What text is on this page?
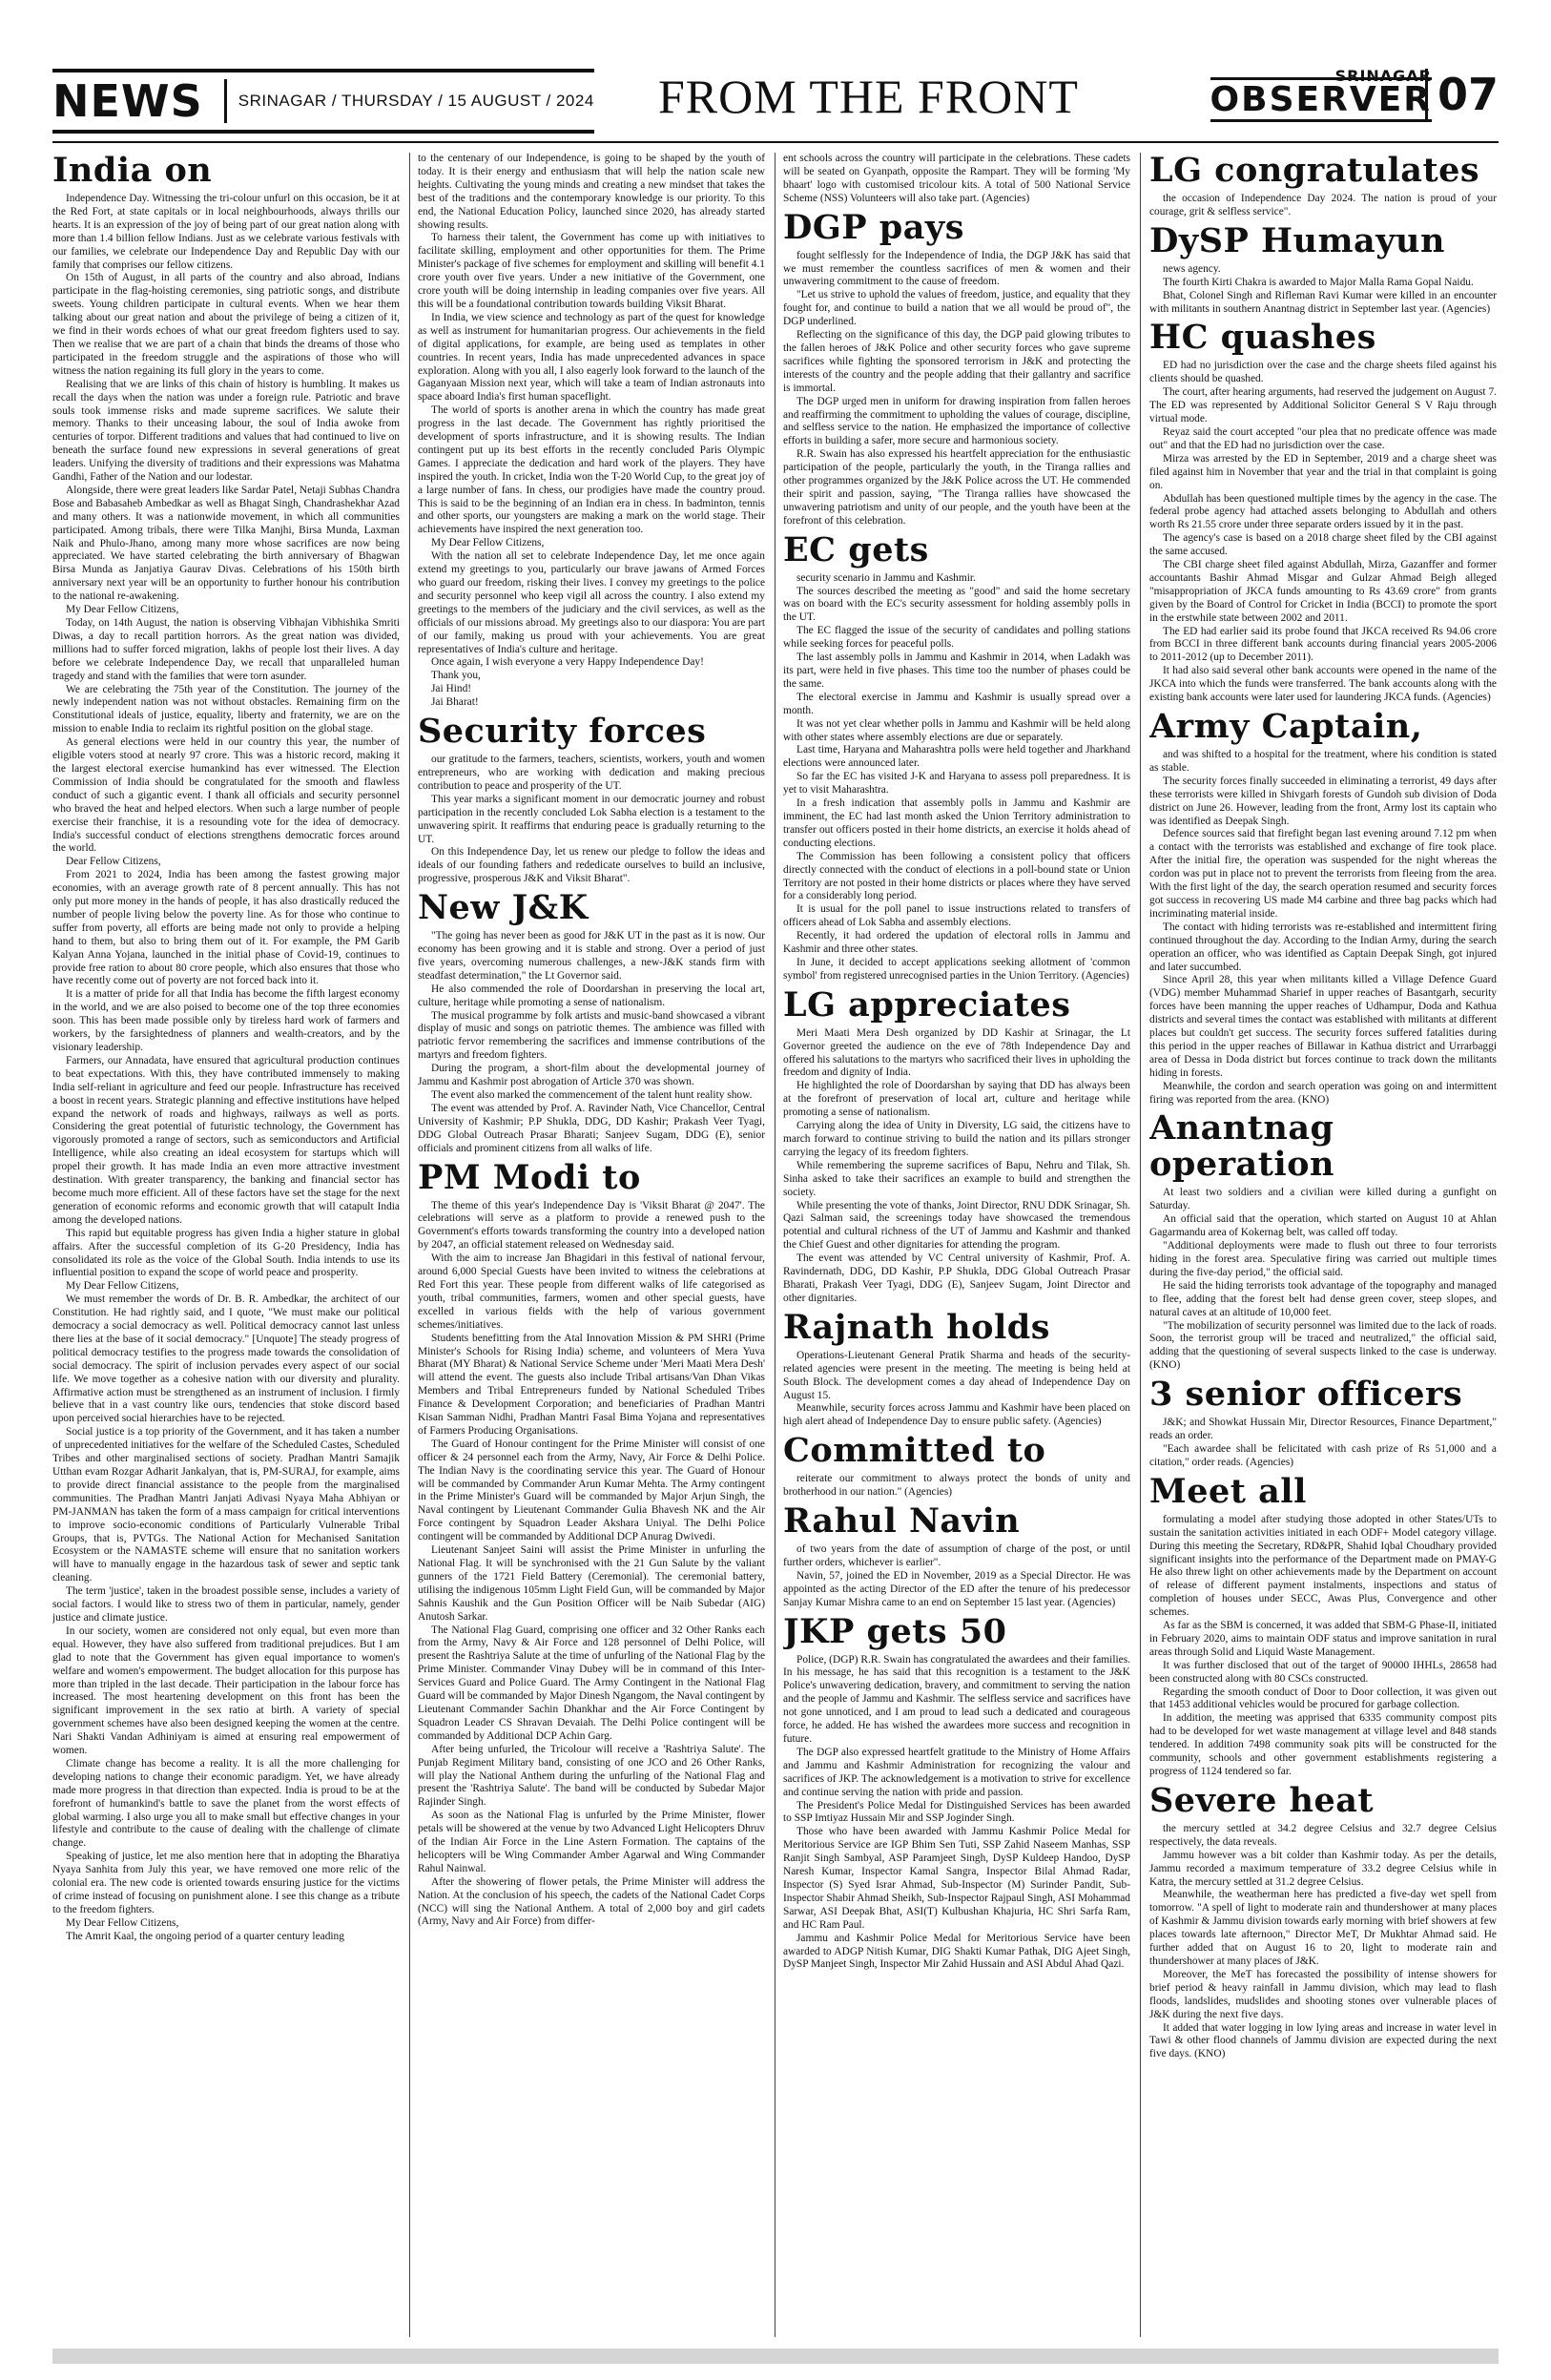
NEWS	SRINAGAR / THURSDAY / 15 AUGUST / 2024 FROM THE FRONT	SRINAGAR
OBSERVER 07
India on

Independence Day. Witnessing the tri-colour unfurl on this occasion, be it at the Red Fort, at state capitals or in local neighbourhoods, always thrills our hearts. It is an expression of the joy of being part of our great nation along with more than 1.4 billion fellow Indians. Just as we celebrate various festivals with our families, we celebrate our Independence Day and Republic Day with our family that comprises our fellow citizens.

On 15th of August, in all parts of the country and also abroad, Indians participate in the flag-hoisting ceremonies, sing patriotic songs, and distribute sweets. Young children participate in cultural events. When we hear them talking about our great nation and about the privilege of being a citizen of it, we find in their words echoes of what our great freedom fighters used to say. Then we realise that we are part of a chain that binds the dreams of those who participated in the freedom struggle and the aspirations of those who will witness the nation regaining its full glory in the years to come.

Realising that we are links of this chain of history is humbling. It makes us recall the days when the nation was under a foreign rule. Patriotic and brave souls took immense risks and made supreme sacrifices. We salute their memory. Thanks to their unceasing labour, the soul of India awoke from centuries of torpor. Different traditions and values that had continued to live on beneath the surface found new expressions in several generations of great leaders. Unifying the diversity of traditions and their expressions was Mahatma Gandhi, Father of the Nation and our lodestar.

Alongside, there were great leaders like Sardar Patel, Netaji Subhas Chandra Bose and Babasaheb Ambedkar as well as Bhagat Singh, Chandrashekhar Azad and many others. It was a nationwide movement, in which all communities participated. Among tribals, there were Tilka Manjhi, Birsa Munda, Laxman Naik and Phulo-Jhano, among many more whose sacrifices are now being appreciated. We have started celebrating the birth anniversary of Bhagwan Birsa Munda as Janjatiya Gaurav Divas. Celebrations of his 150th birth anniversary next year will be an opportunity to further honour his contribution to the national re-awakening.

My Dear Fellow Citizens,

Today, on 14th August, the nation is observing Vibhajan Vibhishika Smriti Diwas, a day to recall partition horrors. As the great nation was divided, millions had to suffer forced migration, lakhs of people lost their lives. A day before we celebrate Independence Day, we recall that unparalleled human tragedy and stand with the families that were torn asunder.

We are celebrating the 75th year of the Constitution. The journey of the newly independent nation was not without obstacles. Remaining firm on the Constitutional ideals of justice, equality, liberty and fraternity, we are on the mission to enable India to reclaim its rightful position on the global stage.

As general elections were held in our country this year, the number of eligible voters stood at nearly 97 crore. This was a historic record, making it the largest electoral exercise humankind has ever witnessed. The Election Commission of India should be congratulated for the smooth and flawless conduct of such a gigantic event. I thank all officials and security personnel who braved the heat and helped electors. When such a large number of people exercise their franchise, it is a resounding vote for the idea of democracy. India's successful conduct of elections strengthens democratic forces around the world.

Dear Fellow Citizens,

From 2021 to 2024, India has been among the fastest growing major economies, with an average growth rate of 8 percent annually. This has not only put more money in the hands of people, it has also drastically reduced the number of people living below the poverty line. As for those who continue to suffer from poverty, all efforts are being made not only to provide a helping hand to them, but also to bring them out of it. For example, the PM Garib Kalyan Anna Yojana, launched in the initial phase of Covid-19, continues to provide free ration to about 80 crore people, which also ensures that those who have recently come out of poverty are not forced back into it.

It is a matter of pride for all that India has become the fifth largest economy in the world, and we are also poised to become one of the top three economies soon. This has been made possible only by tireless hard work of farmers and workers, by the farsightedness of planners and wealth-creators, and by the visionary leadership.

Farmers, our Annadata, have ensured that agricultural production continues to beat expectations. With this, they have contributed immensely to making India self-reliant in agriculture and feed our people. Infrastructure has received a boost in recent years. Strategic planning and effective institutions have helped expand the network of roads and highways, railways as well as ports. Considering the great potential of futuristic technology, the Government has vigorously promoted a range of sectors, such as semiconductors and Artificial Intelligence, while also creating an ideal ecosystem for startups which will propel their growth. It has made India an even more attractive investment destination. With greater transparency, the banking and financial sector has become much more efficient. All of these factors have set the stage for the next generation of economic reforms and economic growth that will catapult India among the developed nations.

This rapid but equitable progress has given India a higher stature in global affairs. After the successful completion of its G-20 Presidency, India has consolidated its role as the voice of the Global South. India intends to use its influential position to expand the scope of world peace and prosperity.

My Dear Fellow Citizens,

We must remember the words of Dr. B. R. Ambedkar, the architect of our Constitution. He had rightly said, and I quote, "We must make our political democracy a social democracy as well. Political democracy cannot last unless there lies at the base of it social democracy." [Unquote] The steady progress of political democracy testifies to the progress made towards the consolidation of social democracy. The spirit of inclusion pervades every aspect of our social life. We move together as a cohesive nation with our diversity and plurality. Affirmative action must be strengthened as an instrument of inclusion. I firmly believe that in a vast country like ours, tendencies that stoke discord based upon perceived social hierarchies have to be rejected.

Social justice is a top priority of the Government, and it has taken a number of unprecedented initiatives for the welfare of the Scheduled Castes, Scheduled Tribes and other marginalised sections of society. Pradhan Mantri Samajik Utthan evam Rozgar Adharit Jankalyan, that is, PM-SURAJ, for example, aims to provide direct financial assistance to the people from the marginalised communities. The Pradhan Mantri Janjati Adivasi Nyaya Maha Abhiyan or PM-JANMAN has taken the form of a mass campaign for critical interventions to improve socio-economic conditions of Particularly Vulnerable Tribal Groups, that is, PVTGs. The National Action for Mechanised Sanitation Ecosystem or the NAMASTE scheme will ensure that no sanitation workers will have to manually engage in the hazardous task of sewer and septic tank cleaning.

The term 'justice', taken in the broadest possible sense, includes a variety of social factors. I would like to stress two of them in particular, namely, gender justice and climate justice.

In our society, women are considered not only equal, but even more than equal. However, they have also suffered from traditional prejudices. But I am glad to note that the Government has given equal importance to women's welfare and women's empowerment. The budget allocation for this purpose has more than tripled in the last decade. Their participation in the labour force has increased. The most heartening development on this front has been the significant improvement in the sex ratio at birth. A variety of special government schemes have also been designed keeping the women at the centre. Nari Shakti Vandan Adhiniyam is aimed at ensuring real empowerment of women.

Climate change has become a reality. It is all the more challenging for developing nations to change their economic paradigm. Yet, we have already made more progress in that direction than expected. India is proud to be at the forefront of humankind's battle to save the planet from the worst effects of global warming. I also urge you all to make small but effective changes in your lifestyle and contribute to the cause of dealing with the challenge of climate change.

Speaking of justice, let me also mention here that in adopting the Bharatiya Nyaya Sanhita from July this year, we have removed one more relic of the colonial era. The new code is oriented towards ensuring justice for the victims of crime instead of focusing on punishment alone. I see this change as a tribute to the freedom fighters.

My Dear Fellow Citizens,

The Amrit Kaal, the ongoing period of a quarter century leading

to the centenary of our Independence, is going to be shaped by the youth of today. It is their energy and enthusiasm that will help the nation scale new heights. Cultivating the young minds and creating a new mindset that takes the best of the traditions and the contemporary knowledge is our priority. To this end, the National Education Policy, launched since 2020, has already started showing results.

To harness their talent, the Government has come up with initiatives to facilitate skilling, employment and other opportunities for them. The Prime Minister's package of five schemes for employment and skilling will benefit 4.1 crore youth over five years. Under a new initiative of the Government, one crore youth will be doing internship in leading companies over five years. All this will be a foundational contribution towards building Viksit Bharat.

In India, we view science and technology as part of the quest for knowledge as well as instrument for humanitarian progress. Our achievements in the field of digital applications, for example, are being used as templates in other countries. In recent years, India has made unprecedented advances in space exploration. Along with you all, I also eagerly look forward to the launch of the Gaganyaan Mission next year, which will take a team of Indian astronauts into space aboard India's first human spaceflight.

The world of sports is another arena in which the country has made great progress in the last decade. The Government has rightly prioritised the development of sports infrastructure, and it is showing results. The Indian contingent put up its best efforts in the recently concluded Paris Olympic Games. I appreciate the dedication and hard work of the players. They have inspired the youth. In cricket, India won the T-20 World Cup, to the great joy of a large number of fans. In chess, our prodigies have made the country proud. This is said to be the beginning of an Indian era in chess. In badminton, tennis and other sports, our youngsters are making a mark on the world stage. Their achievements have inspired the next generation too.

My Dear Fellow Citizens,

With the nation all set to celebrate Independence Day, let me once again extend my greetings to you, particularly our brave jawans of Armed Forces who guard our freedom, risking their lives. I convey my greetings to the police and security personnel who keep vigil all across the country. I also extend my greetings to the members of the judiciary and the civil services, as well as the officials of our missions abroad. My greetings also to our diaspora: You are part of our family, making us proud with your achievements. You are great representatives of India's culture and heritage.

Once again, I wish everyone a very Happy Independence Day!

Thank you,

Jai Hind!

Jai Bharat!

Security forces

our gratitude to the farmers, teachers, scientists, workers, youth and women entrepreneurs, who are working with dedication and making precious contribution to peace and prosperity of the UT.

This year marks a significant moment in our democratic journey and robust participation in the recently concluded Lok Sabha election is a testament to the unwavering spirit. It reaffirms that enduring peace is gradually returning to the UT.

On this Independence Day, let us renew our pledge to follow the ideas and ideals of our founding fathers and rededicate ourselves to build an inclusive, progressive, prosperous J&K and Viksit Bharat".

New J&K

"The going has never been as good for J&K UT in the past as it is now. Our economy has been growing and it is stable and strong. Over a period of just five years, overcoming numerous challenges, a new-J&K stands firm with steadfast determination," the Lt Governor said.

He also commended the role of Doordarshan in preserving the local art, culture, heritage while promoting a sense of nationalism.

The musical programme by folk artists and music-band showcased a vibrant display of music and songs on patriotic themes. The ambience was filled with patriotic fervor remembering the sacrifices and immense contributions of the martyrs and freedom fighters.

During the program, a short-film about the developmental journey of Jammu and Kashmir post abrogation of Article 370 was shown.

The event also marked the commencement of the talent hunt reality show.

The event was attended by Prof. A. Ravinder Nath, Vice Chancellor, Central University of Kashmir; P.P Shukla, DDG, DD Kashir; Prakash Veer Tyagi, DDG Global Outreach Prasar Bharati; Sanjeev Sugam, DDG (E), senior officials and prominent citizens from all walks of life.

PM Modi to

The theme of this year's Independence Day is 'Viksit Bharat @ 2047'. The celebrations will serve as a platform to provide a renewed push to the Government's efforts towards transforming the country into a developed nation by 2047, an official statement released on Wednesday said.

With the aim to increase Jan Bhagidari in this festival of national fervour, around 6,000 Special Guests have been invited to witness the celebrations at Red Fort this year. These people from different walks of life categorised as youth, tribal communities, farmers, women and other special guests, have excelled in various fields with the help of various government schemes/initiatives.

Students benefitting from the Atal Innovation Mission & PM SHRI (Prime Minister's Schools for Rising India) scheme, and volunteers of Mera Yuva Bharat (MY Bharat) & National Service Scheme under 'Meri Maati Mera Desh' will attend the event. The guests also include Tribal artisans/Van Dhan Vikas Members and Tribal Entrepreneurs funded by National Scheduled Tribes Finance & Development Corporation; and beneficiaries of Pradhan Mantri Kisan Samman Nidhi, Pradhan Mantri Fasal Bima Yojana and representatives of Farmers Producing Organisations.

The Guard of Honour contingent for the Prime Minister will consist of one officer & 24 personnel each from the Army, Navy, Air Force & Delhi Police. The Indian Navy is the coordinating service this year. The Guard of Honour will be commanded by Commander Arun Kumar Mehta. The Army contingent in the Prime Minister's Guard will be commanded by Major Arjun Singh, the Naval contingent by Lieutenant Commander Gulia Bhavesh NK and the Air Force contingent by Squadron Leader Akshara Uniyal. The Delhi Police contingent will be commanded by Additional DCP Anurag Dwivedi.

Lieutenant Sanjeet Saini will assist the Prime Minister in unfurling the National Flag. It will be synchronised with the 21 Gun Salute by the valiant gunners of the 1721 Field Battery (Ceremonial). The ceremonial battery, utilising the indigenous 105mm Light Field Gun, will be commanded by Major Sahnis Kaushik and the Gun Position Officer will be Naib Subedar (AIG) Anutosh Sarkar.

The National Flag Guard, comprising one officer and 32 Other Ranks each from the Army, Navy & Air Force and 128 personnel of Delhi Police, will present the Rashtriya Salute at the time of unfurling of the National Flag by the Prime Minister. Commander Vinay Dubey will be in command of this Inter-Services Guard and Police Guard. The Army Contingent in the National Flag Guard will be commanded by Major Dinesh Ngangom, the Naval contingent by Lieutenant Commander Sachin Dhankhar and the Air Force Contingent by Squadron Leader CS Shravan Devaiah. The Delhi Police contingent will be commanded by Additional DCP Achin Garg.

After being unfurled, the Tricolour will receive a 'Rashtriya Salute'. The Punjab Regiment Military band, consisting of one JCO and 26 Other Ranks, will play the National Anthem during the unfurling of the National Flag and present the 'Rashtriya Salute'. The band will be conducted by Subedar Major Rajinder Singh.

As soon as the National Flag is unfurled by the Prime Minister, flower petals will be showered at the venue by two Advanced Light Helicopters Dhruv of the Indian Air Force in the Line Astern Formation. The captains of the helicopters will be Wing Commander Amber Agarwal and Wing Commander Rahul Nainwal.

After the showering of flower petals, the Prime Minister will address the Nation. At the conclusion of his speech, the cadets of the National Cadet Corps (NCC) will sing the National Anthem. A total of 2,000 boy and girl cadets (Army, Navy and Air Force) from differ-

ent schools across the country will participate in the celebrations. These cadets will be seated on Gyanpath, opposite the Rampart. They will be forming 'My bhaart' logo with customised tricolour kits. A total of 500 National Service Scheme (NSS) Volunteers will also take part. (Agencies)

DGP pays

fought selflessly for the Independence of India, the DGP J&K has said that we must remember the countless sacrifices of men & women and their unwavering commitment to the cause of freedom.

"Let us strive to uphold the values of freedom, justice, and equality that they fought for, and continue to build a nation that we all would be proud of", the DGP underlined.

Reflecting on the significance of this day, the DGP paid glowing tributes to the fallen heroes of J&K Police and other security forces who gave supreme sacrifices while fighting the sponsored terrorism in J&K and protecting the interests of the country and the people adding that their gallantry and sacrifice is immortal.

The DGP urged men in uniform for drawing inspiration from fallen heroes and reaffirming the commitment to upholding the values of courage, discipline, and selfless service to the nation. He emphasized the importance of collective efforts in building a safer, more secure and harmonious society.

R.R. Swain has also expressed his heartfelt appreciation for the enthusiastic participation of the people, particularly the youth, in the Tiranga rallies and other programmes organized by the J&K Police across the UT. He commended their spirit and passion, saying, "The Tiranga rallies have showcased the unwavering patriotism and unity of our people, and the youth have been at the forefront of this celebration.

EC gets

security scenario in Jammu and Kashmir.

The sources described the meeting as "good" and said the home secretary was on board with the EC's security assessment for holding assembly polls in the UT.

The EC flagged the issue of the security of candidates and polling stations while seeking forces for peaceful polls.

The last assembly polls in Jammu and Kashmir in 2014, when Ladakh was its part, were held in five phases. This time too the number of phases could be the same.

The electoral exercise in Jammu and Kashmir is usually spread over a month.

It was not yet clear whether polls in Jammu and Kashmir will be held along with other states where assembly elections are due or separately.

Last time, Haryana and Maharashtra polls were held together and Jharkhand elections were announced later.

So far the EC has visited J-K and Haryana to assess poll preparedness. It is yet to visit Maharashtra.

In a fresh indication that assembly polls in Jammu and Kashmir are imminent, the EC had last month asked the Union Territory administration to transfer out officers posted in their home districts, an exercise it holds ahead of conducting elections.

The Commission has been following a consistent policy that officers directly connected with the conduct of elections in a poll-bound state or Union Territory are not posted in their home districts or places where they have served for a considerably long period.

It is usual for the poll panel to issue instructions related to transfers of officers ahead of Lok Sabha and assembly elections.

Recently, it had ordered the updation of electoral rolls in Jammu and Kashmir and three other states.

In June, it decided to accept applications seeking allotment of 'common symbol' from registered unrecognised parties in the Union Territory. (Agencies)

LG appreciates

Meri Maati Mera Desh organized by DD Kashir at Srinagar, the Lt Governor greeted the audience on the eve of 78th Independence Day and offered his salutations to the martyrs who sacrificed their lives in upholding the freedom and dignity of India.

He highlighted the role of Doordarshan by saying that DD has always been at the forefront of preservation of local art, culture and heritage while promoting a sense of nationalism.

Carrying along the idea of Unity in Diversity, LG said, the citizens have to march forward to continue striving to build the nation and its pillars stronger carrying the legacy of its freedom fighters.

While remembering the supreme sacrifices of Bapu, Nehru and Tilak, Sh. Sinha asked to take their sacrifices an example to build and strengthen the society.

While presenting the vote of thanks, Joint Director, RNU DDK Srinagar, Sh. Qazi Salman said, the screenings today have showcased the tremendous potential and cultural richness of the UT of Jammu and Kashmir and thanked the Chief Guest and other dignitaries for attending the program.

The event was attended by VC Central university of Kashmir, Prof. A. Ravindernath, DDG, DD Kashir, P.P Shukla, DDG Global Outreach Prasar Bharati, Prakash Veer Tyagi, DDG (E), Sanjeev Sugam, Joint Director and other dignitaries.

Rajnath holds

Operations-Lieutenant General Pratik Sharma and heads of the security-related agencies were present in the meeting. The meeting is being held at South Block. The development comes a day ahead of Independence Day on August 15.

Meanwhile, security forces across Jammu and Kashmir have been placed on high alert ahead of Independence Day to ensure public safety. (Agencies)

Committed to

reiterate our commitment to always protect the bonds of unity and brotherhood in our nation." (Agencies)

Rahul Navin

of two years from the date of assumption of charge of the post, or until further orders, whichever is earlier".

Navin, 57, joined the ED in November, 2019 as a Special Director. He was appointed as the acting Director of the ED after the tenure of his predecessor Sanjay Kumar Mishra came to an end on September 15 last year. (Agencies)

JKP gets 50

Police, (DGP) R.R. Swain has congratulated the awardees and their families. In his message, he has said that this recognition is a testament to the J&K Police's unwavering dedication, bravery, and commitment to serving the nation and the people of Jammu and Kashmir. The selfless service and sacrifices have not gone unnoticed, and I am proud to lead such a dedicated and courageous force, he added. He has wished the awardees more success and recognition in future.

The DGP also expressed heartfelt gratitude to the Ministry of Home Affairs and Jammu and Kashmir Administration for recognizing the valour and sacrifices of JKP. The acknowledgement is a motivation to strive for excellence and continue serving the nation with pride and passion.

The President's Police Medal for Distinguished Services has been awarded to SSP Imtiyaz Hussain Mir and SSP Joginder Singh.

Those who have been awarded with Jammu Kashmir Police Medal for Meritorious Service are IGP Bhim Sen Tuti, SSP Zahid Naseem Manhas, SSP Ranjit Singh Sambyal, ASP Paramjeet Singh, DySP Kuldeep Handoo, DySP Naresh Kumar, Inspector Kamal Sangra, Inspector Bilal Ahmad Radar, Inspector (S) Syed Israr Ahmad, Sub-Inspector (M) Surinder Pandit, Sub-Inspector Shabir Ahmad Sheikh, Sub-Inspector Rajpaul Singh, ASI Mohammad Sarwar, ASI Deepak Bhat, ASI(T) Kulbushan Khajuria, HC Shri Sarfa Ram, and HC Ram Paul.

Jammu and Kashmir Police Medal for Meritorious Service have been awarded to ADGP Nitish Kumar, DIG Shakti Kumar Pathak, DIG Ajeet Singh, DySP Manjeet Singh, Inspector Mir Zahid Hussain and ASI Abdul Ahad Qazi.

LG congratulates

the occasion of Independence Day 2024. The nation is proud of your courage, grit & selfless service".

DySP Humayun

news agency.

The fourth Kirti Chakra is awarded to Major Malla Rama Gopal Naidu.

Bhat, Colonel Singh and Rifleman Ravi Kumar were killed in an encounter with militants in southern Anantnag district in September last year. (Agencies)

HC quashes

ED had no jurisdiction over the case and the charge sheets filed against his clients should be quashed.

The court, after hearing arguments, had reserved the judgement on August 7. The ED was represented by Additional Solicitor General S V Raju through virtual mode.

Reyaz said the court accepted "our plea that no predicate offence was made out" and that the ED had no jurisdiction over the case.

Mirza was arrested by the ED in September, 2019 and a charge sheet was filed against him in November that year and the trial in that complaint is going on.

Abdullah has been questioned multiple times by the agency in the case. The federal probe agency had attached assets belonging to Abdullah and others worth Rs 21.55 crore under three separate orders issued by it in the past.

The agency's case is based on a 2018 charge sheet filed by the CBI against the same accused.

The CBI charge sheet filed against Abdullah, Mirza, Gazanffer and former accountants Bashir Ahmad Misgar and Gulzar Ahmad Beigh alleged "misappropriation of JKCA funds amounting to Rs 43.69 crore" from grants given by the Board of Control for Cricket in India (BCCI) to promote the sport in the erstwhile state between 2002 and 2011.

The ED had earlier said its probe found that JKCA received Rs 94.06 crore from BCCI in three different bank accounts during financial years 2005-2006 to 2011-2012 (up to December 2011).

It had also said several other bank accounts were opened in the name of the JKCA into which the funds were transferred. The bank accounts along with the existing bank accounts were later used for laundering JKCA funds. (Agencies)

Army Captain,

and was shifted to a hospital for the treatment, where his condition is stated as stable.

The security forces finally succeeded in eliminating a terrorist, 49 days after these terrorists were killed in Shivgarh forests of Gundoh sub division of Doda district on June 26. However, leading from the front, Army lost its captain who was identified as Deepak Singh.

Defence sources said that firefight began last evening around 7.12 pm when a contact with the terrorists was established and exchange of fire took place. After the initial fire, the operation was suspended for the night whereas the cordon was put in place not to prevent the terrorists from fleeing from the area. With the first light of the day, the search operation resumed and security forces got success in recovering US made M4 carbine and three bag packs which had incriminating material inside.

The contact with hiding terrorists was re-established and intermittent firing continued throughout the day. According to the Indian Army, during the search operation an officer, who was identified as Captain Deepak Singh, got injured and later succumbed.

Since April 28, this year when militants killed a Village Defence Guard (VDG) member Muhammad Sharief in upper reaches of Basantgarh, security forces have been manning the upper reaches of Udhampur, Doda and Kathua districts and several times the contact was established with militants at different places but couldn't get success. The security forces suffered fatalities during this period in the upper reaches of Billawar in Kathua district and Urrarbaggi area of Dessa in Doda district but forces continue to track down the militants hiding in forests.

Meanwhile, the cordon and search operation was going on and intermittent firing was reported from the area. (KNO)

Anantnag operation

At least two soldiers and a civilian were killed during a gunfight on Saturday.

An official said that the operation, which started on August 10 at Ahlan Gagarmandu area of Kokernag belt, was called off today.

"Additional deployments were made to flush out three to four terrorists hiding in the forest area. Speculative firing was carried out multiple times during the five-day period," the official said.

He said the hiding terrorists took advantage of the topography and managed to flee, adding that the forest belt had dense green cover, steep slopes, and natural caves at an altitude of 10,000 feet.

"The mobilization of security personnel was limited due to the lack of roads. Soon, the terrorist group will be traced and neutralized," the official said, adding that the questioning of several suspects linked to the case is underway. (KNO)

3 senior officers

J&K; and Showkat Hussain Mir, Director Resources, Finance Department," reads an order.

"Each awardee shall be felicitated with cash prize of Rs 51,000 and a citation," order reads. (Agencies)

Meet all

formulating a model after studying those adopted in other States/UTs to sustain the sanitation activities initiated in each ODF+ Model category village. During this meeting the Secretary, RD&PR, Shahid Iqbal Choudhary provided significant insights into the performance of the Department made on PMAY-G He also threw light on other achievements made by the Department on account of release of different payment instalments, inspections and status of completion of houses under SECC, Awas Plus, Convergence and other schemes.

As far as the SBM is concerned, it was added that SBM-G Phase-II, initiated in February 2020, aims to maintain ODF status and improve sanitation in rural areas through Solid and Liquid Waste Management.

It was further disclosed that out of the target of 90000 IHHLs, 28658 had been constructed along with 80 CSCs constructed.

Regarding the smooth conduct of Door to Door collection, it was given out that 1453 additional vehicles would be procured for garbage collection.

In addition, the meeting was apprised that 6335 community compost pits had to be developed for wet waste management at village level and 848 stands tendered. In addition 7498 community soak pits will be constructed for the community, schools and other government establishments registering a progress of 1124 tendered so far.

Severe heat

the mercury settled at 34.2 degree Celsius and 32.7 degree Celsius respectively, the data reveals.

Jammu however was a bit colder than Kashmir today. As per the details, Jammu recorded a maximum temperature of 33.2 degree Celsius while in Katra, the mercury settled at 31.2 degree Celsius.

Meanwhile, the weatherman here has predicted a five-day wet spell from tomorrow. "A spell of light to moderate rain and thundershower at many places of Kashmir & Jammu division towards early morning with brief showers at few places towards late afternoon," Director MeT, Dr Mukhtar Ahmad said. He further added that on August 16 to 20, light to moderate rain and thundershower at many places of J&K.

Moreover, the MeT has forecasted the possibility of intense showers for brief period & heavy rainfall in Jammu division, which may lead to flash floods, landslides, mudslides and shooting stones over vulnerable places of J&K during the next five days.

It added that water logging in low lying areas and increase in water level in Tawi & other flood channels of Jammu division are expected during the next five days. (KNO)
